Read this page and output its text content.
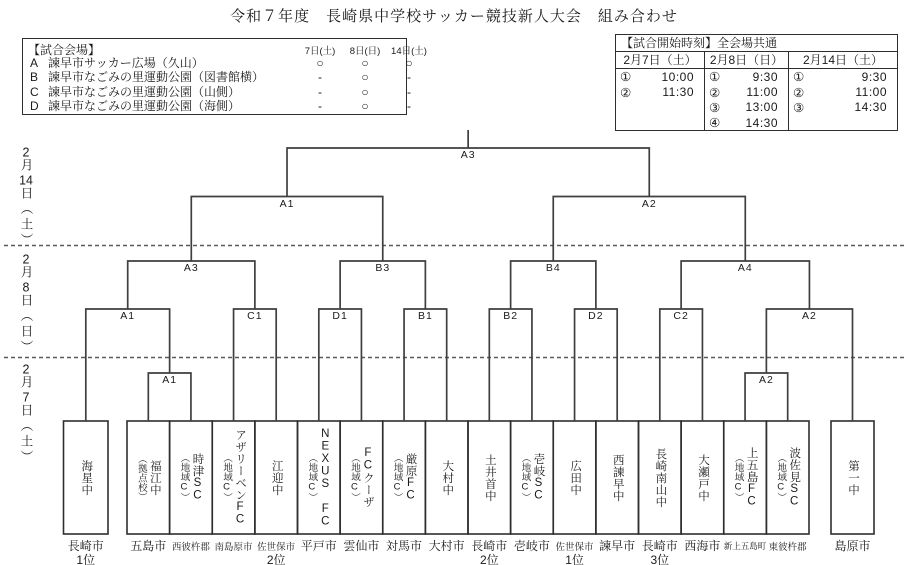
令和７年度　長崎県中学校サッカー競技新人大会　組み合わせ
【試合会場】	7日(土)	8日(日)	14日(土)
A 諫早市サッカー広場（久山）	○	○	○
B 諫早市なごみの里運動公園（図書館横）	-	○	-
C 諫早市なごみの里運動公園（山側）	-	○	-
D 諫早市なごみの里運動公園（海側）	-	○	-
【試合開始時刻】全会場共通
2月7日（土）
①	10:00
②	11:30
2月8日（日）
①	9:30
② 11:00
③ 13:00
④ 14:30
2月14日（土）
①	9:30
②	11:00
③	14:30
2月14日（土）
2月8日（日）
2月7日（土）
A1	A2
A1	C1	D1	B1	B2	D2	C2	A2
A3	B3	B4	A4
A1	A2
A3
海星中
長崎市
1位
（拠点校）
福江中
五島市
（地域C）
時津SC
西彼杵郡
（地域C）
アザリーベンFC
南島原市
江迎中
佐世保市
2位
（地域C） NEXUS FC
平戸市
（地域C）
FCクーザ
雲仙市
（地域C）
厳原FC
対馬市
大村中
大村市
土井首中
長崎市
2位
（地域C）
壱岐SC
壱岐市
広田中
佐世保市
1位
西諫早中
諫早市
長崎南山中
長崎市
3位
大瀬戸中
西海市
（地域C）
上五島FC
新上五島町
（地域C）
波佐見SC
東彼杵郡
第一中
島原市
